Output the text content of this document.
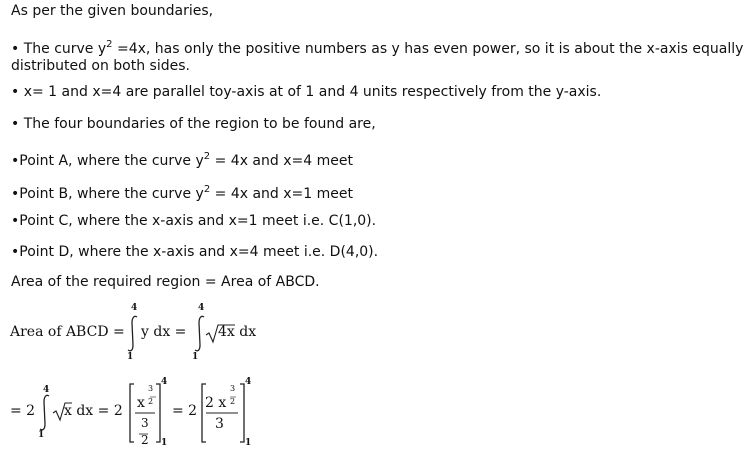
As per the given boundaries,
• The curve $y^2 =4x$, has only the positive numbers as y has even power, so it is about the x-axis equally distributed on both sides.
• x= 1 and x=4 are parallel toy-axis at of 1 and 4 units respectively from the y-axis.
• The four boundaries of the region to be found are,
•Point A, where the curve $y^2 = 4x$ and x=4 meet
•Point B, where the curve $y^2 = 4x$ and x=1 meet
•Point C, where the x-axis and x=1 meet i.e. C(1,0).
•Point D, where the x-axis and x=4 meet i.e. D(4,0).
Area of the required region = Area of ABCD.
Area of ABCD =
4
1
y dx =
4
1
4x dx
= 2
4
1
x dx = 2 x
3
2
3
2
4
1
= 2 2 x
3
2
3
4
1
